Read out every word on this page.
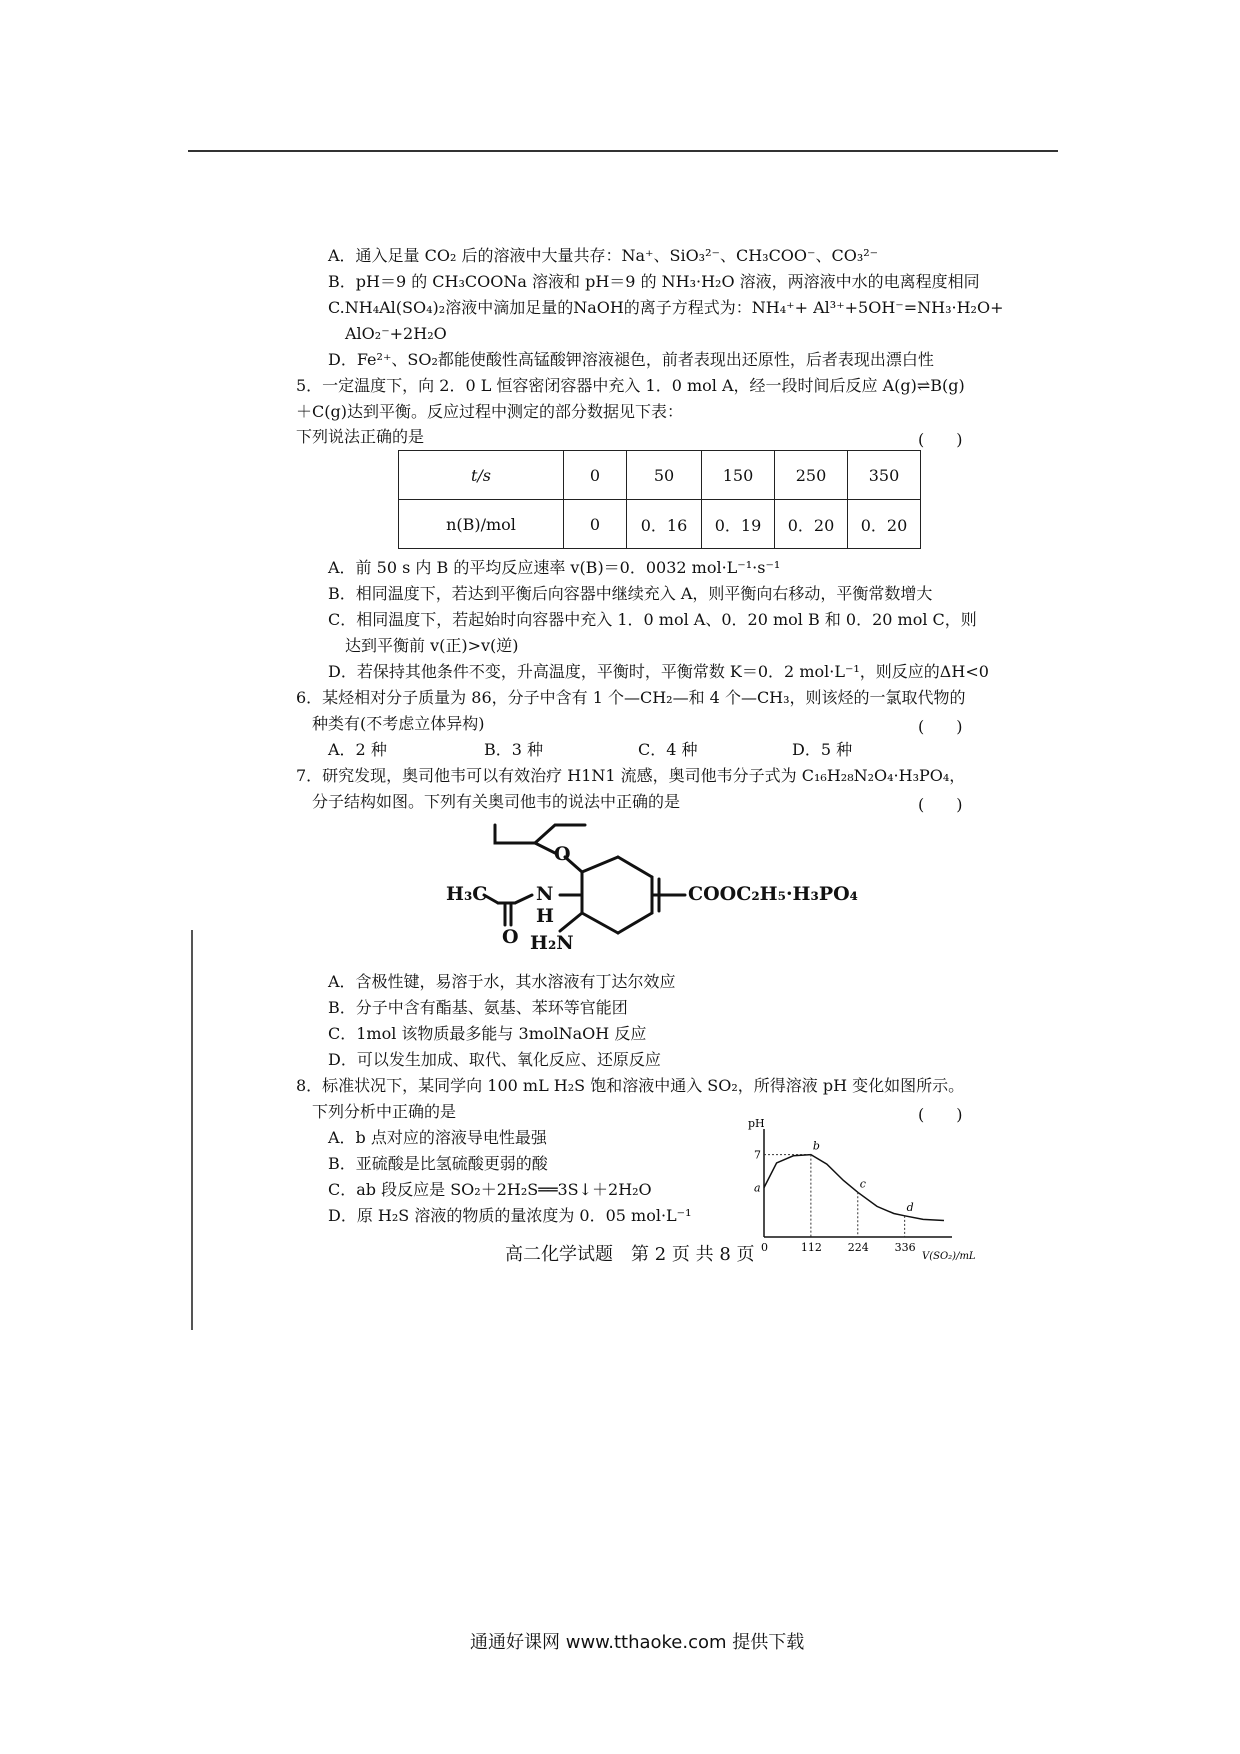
A．通入足量 CO₂ 后的溶液中大量共存：Na⁺、SiO₃²⁻、CH₃COO⁻、CO₃²⁻
B．pH＝9 的 CH₃COONa 溶液和 pH＝9 的 NH₃·H₂O 溶液，两溶液中水的电离程度相同
C.NH₄Al(SO₄)₂溶液中滴加足量的NaOH的离子方程式为：NH₄⁺+ Al³⁺+5OH⁻=NH₃·H₂O+
AlO₂⁻+2H₂O
D．Fe²⁺、SO₂都能使酸性高锰酸钾溶液褪色，前者表现出还原性，后者表现出漂白性
5．一定温度下，向 2．0 L 恒容密闭容器中充入 1．0 mol A，经一段时间后反应 A(g)⇌B(g)
＋C(g)达到平衡。反应过程中测定的部分数据见下表：
下列说法正确的是	(　　)
t/s	0	50	150	250	350
n(B)/mol	0	0．16	0．19	0．20	0．20
A．前 50 s 内 B 的平均反应速率 v(B)＝0．0032 mol·L⁻¹·s⁻¹
B．相同温度下，若达到平衡后向容器中继续充入 A，则平衡向右移动，平衡常数增大
C．相同温度下，若起始时向容器中充入 1．0 mol A、0．20 mol B 和 0．20 mol C，则
达到平衡前 v(正)>v(逆)
D．若保持其他条件不变，升高温度，平衡时，平衡常数 K＝0．2 mol·L⁻¹，则反应的ΔH<0
6．某烃相对分子质量为 86，分子中含有 1 个—CH₂—和 4 个—CH₃，则该烃的一氯取代物的
种类有(不考虑立体异构)	(　　)
A．2 种	B．3 种	C．4 种	D．5 种
7．研究发现，奥司他韦可以有效治疗 H1N1 流感，奥司他韦分子式为 C₁₆H₂₈N₂O₄·H₃PO₄，
分子结构如图。下列有关奥司他韦的说法中正确的是	(　　)
O
H₃C	N
H
O
COOC₂H₅·H₃PO₄
H₂N
A．含极性键，易溶于水，其水溶液有丁达尔效应
B．分子中含有酯基、氨基、苯环等官能团
C．1mol 该物质最多能与 3molNaOH 反应
D．可以发生加成、取代、氧化反应、还原反应
8．标准状况下，某同学向 100 mL H₂S 饱和溶液中通入 SO₂，所得溶液 pH 变化如图所示。
下列分析中正确的是	(　　)
A．b 点对应的溶液导电性最强
B．亚硫酸是比氢硫酸更弱的酸
C．ab 段反应是 SO₂＋2H₂S══3S↓＋2H₂O
D．原 H₂S 溶液的物质的量浓度为 0．05 mol·L⁻¹
pH
V(SO₂)/mL
0	112 224 336
7
a
b
c
d
高二化学试题　第 2 页 共 8 页
通通好课网 www.tthaoke.com 提供下载
